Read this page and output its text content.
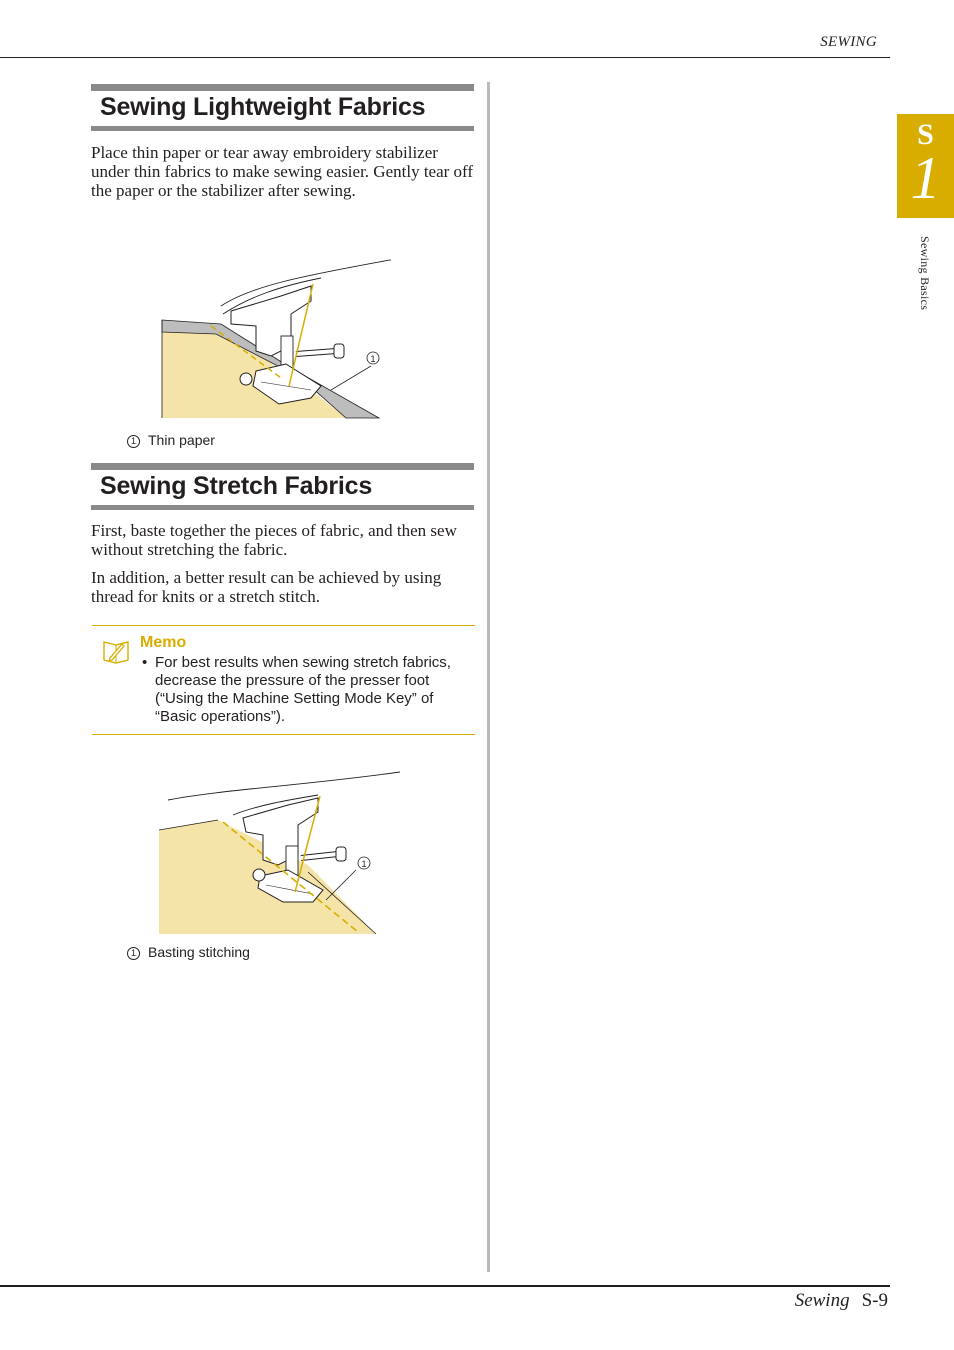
SEWING
S
1
Sewing Basics
Sewing Lightweight Fabrics

Place thin paper or tear away embroidery stabilizer under thin fabrics to make sewing easier. Gently tear off the paper or the stabilizer after sewing.

1
1 Thin paper
Sewing Stretch Fabrics

First, baste together the pieces of fabric, and then sew without stretching the fabric.

In addition, a better result can be achieved by using thread for knits or a stretch stitch.

Memo
• For best results when sewing stretch fabrics, decrease the pressure of the presser foot (“Using the Machine Setting Mode Key” of “Basic operations”).
1
1 Basting stitching
Sewing S-9
